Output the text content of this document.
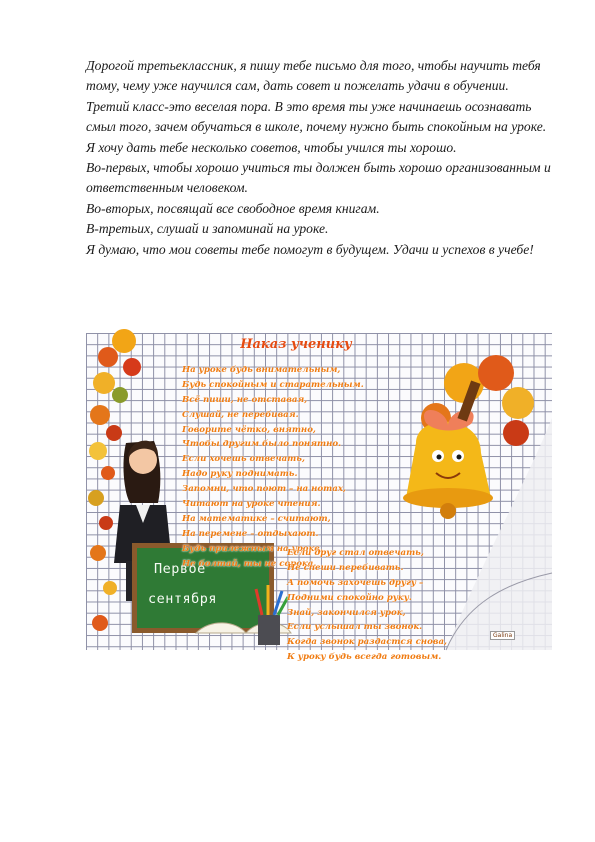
Дорогой третьеклассник, я пишу тебе письмо для того, чтобы научить тебя тому, чему уже научился сам, дать совет и пожелать удачи в обучении.

Третий класс-это веселая пора. В это время ты уже начинаешь осознавать смыл того, зачем обучаться в школе, почему нужно быть спокойным на уроке. Я хочу дать тебе несколько советов, чтобы учился ты хорошо.

Во-первых, чтобы хорошо учиться ты должен быть хорошо организованным и ответственным человеком.

Во-вторых, посвящай все свободное время книгам.

В-третьих, слушай и запоминай на уроке.

Я думаю, что мои советы тебе помогут в будущем. Удачи и успехов в учебе!

Наказ ученику
На уроке будь внимательным,
Будь спокойным и старательным.
Всё пиши, не отставая,
Слушай, не перебивая.
Говорите чётко, внятно,
Чтобы другим было понятно.
Если хочешь отвечать,
Надо руку поднимать.
Запомни, что поют – на нотах,
Читают на уроке чтения.
На математике – считают,
На перемене – отдыхают.
Будь прилежным на уроке,
Не болтай, ты не сорока.
Если друг стал отвечать,
Не спеши перебивать.
А помочь захочешь другу –
Подними спокойно руку.
Знай, закончился урок,
Если услышал ты звонок.
Когда звонок раздастся снова,
К уроку будь всегда готовым.
Первое
сентября
Galina
